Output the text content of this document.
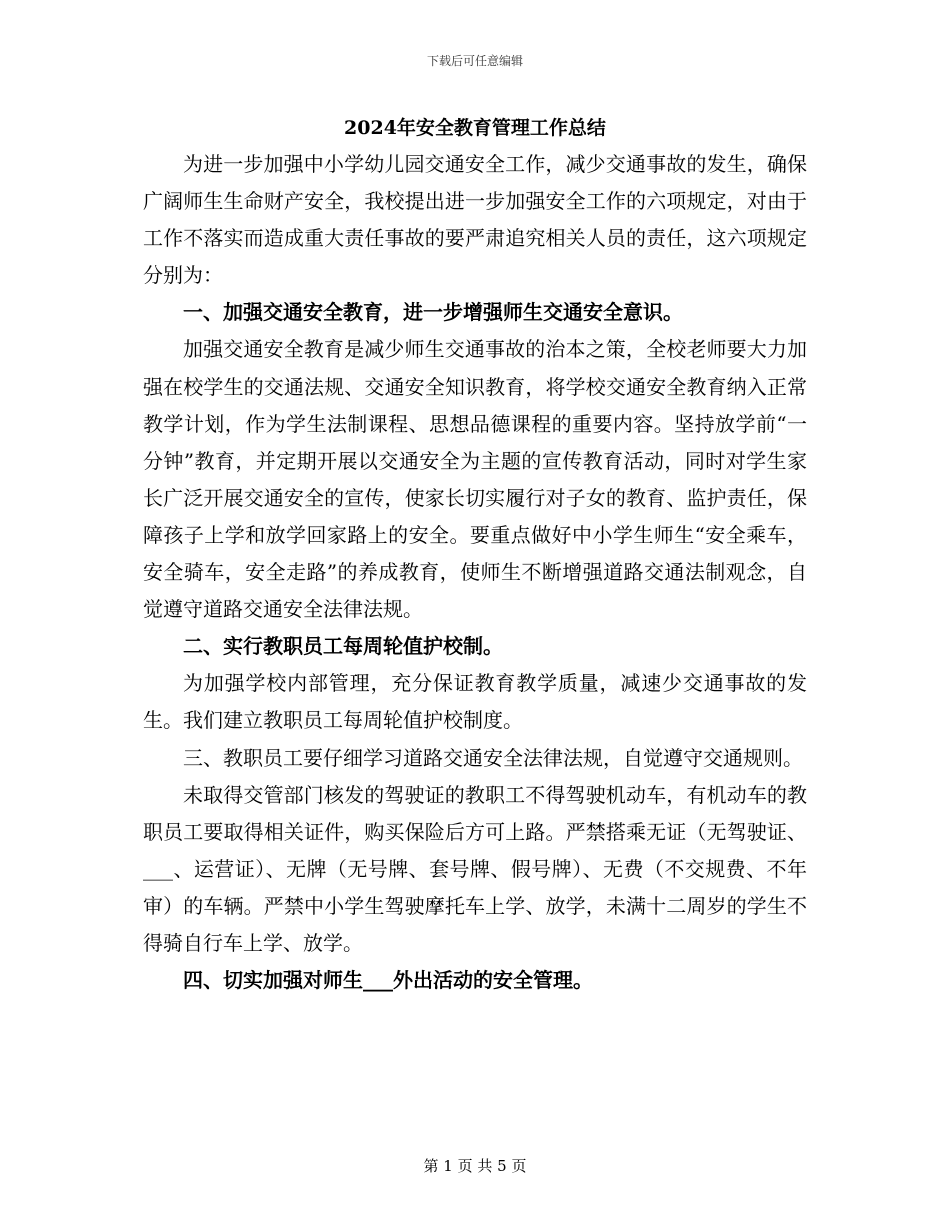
下载后可任意编辑
2024年安全教育管理工作总结

为进一步加强中小学幼儿园交通安全工作，减少交通事故的发生，确保广阔师生生命财产安全，我校提出进一步加强安全工作的六项规定，对由于工作不落实而造成重大责任事故的要严肃追究相关人员的责任，这六项规定分别为：

一、加强交通安全教育，进一步增强师生交通安全意识。

加强交通安全教育是减少师生交通事故的治本之策，全校老师要大力加强在校学生的交通法规、交通安全知识教育，将学校交通安全教育纳入正常教学计划，作为学生法制课程、思想品德课程的重要内容。坚持放学前“一分钟”教育，并定期开展以交通安全为主题的宣传教育活动，同时对学生家长广泛开展交通安全的宣传，使家长切实履行对子女的教育、监护责任，保障孩子上学和放学回家路上的安全。要重点做好中小学生师生“安全乘车，安全骑车，安全走路”的养成教育，使师生不断增强道路交通法制观念，自觉遵守道路交通安全法律法规。

二、实行教职员工每周轮值护校制。

为加强学校内部管理，充分保证教育教学质量，减速少交通事故的发生。我们建立教职员工每周轮值护校制度。

三、教职员工要仔细学习道路交通安全法律法规，自觉遵守交通规则。

未取得交管部门核发的驾驶证的教职工不得驾驶机动车，有机动车的教职员工要取得相关证件，购买保险后方可上路。严禁搭乘无证（无驾驶证、___、运营证）、无牌（无号牌、套号牌、假号牌）、无费（不交规费、不年审）的车辆。严禁中小学生驾驶摩托车上学、放学，未满十二周岁的学生不得骑自行车上学、放学。

四、切实加强对师生___外出活动的安全管理。

第 1 页 共 5 页
